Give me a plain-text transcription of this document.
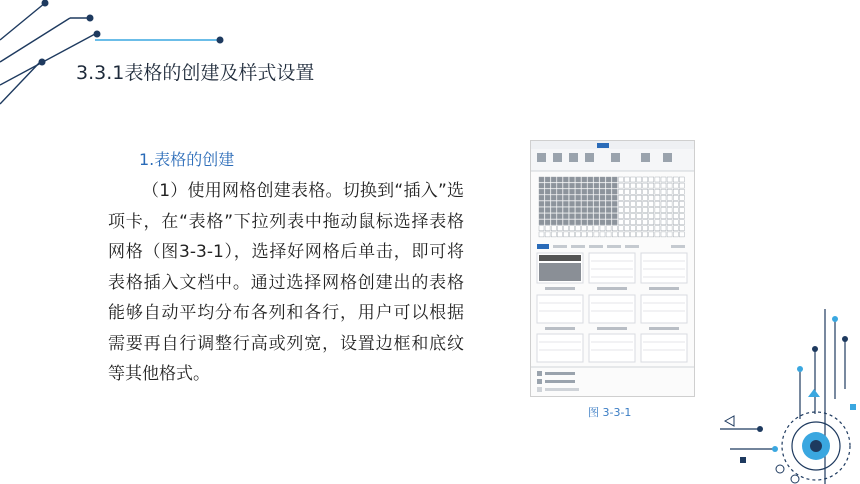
3.3.1表格的创建及样式设置
1.表格的创建
（1）使用网格创建表格。切换到“插入”选项卡，在“表格”下拉列表中拖动鼠标选择表格网格（图3-3-1），选择好网格后单击，即可将表格插入文档中。通过选择网格创建出的表格能够自动平均分布各列和各行，用户可以根据需要再自行调整行高或列宽，设置边框和底纹等其他格式。
图 3-3-1
